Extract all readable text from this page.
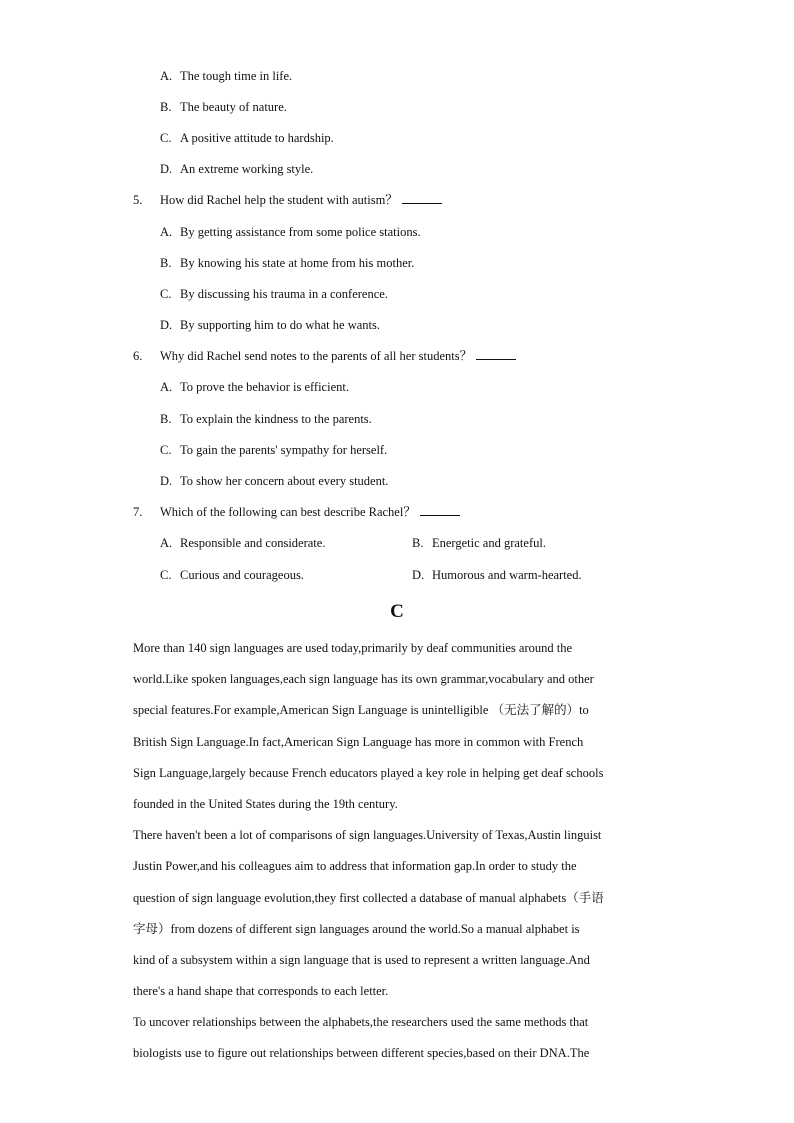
A. The tough time in life.
B. The beauty of nature.
C. A positive attitude to hardship.
D. An extreme working style.
5. How did Rachel help the student with autism？
A. By getting assistance from some police stations.
B. By knowing his state at home from his mother.
C. By discussing his trauma in a conference.
D. By supporting him to do what he wants.
6. Why did Rachel send notes to the parents of all her students？
A. To prove the behavior is efficient.
B. To explain the kindness to the parents.
C. To gain the parents' sympathy for herself.
D. To show her concern about every student.
7. Which of the following can best describe Rachel？
A. Responsible and considerate.	B. Energetic and grateful.
C. Curious and courageous.	D. Humorous and warm-hearted.
C
More than 140 sign languages are used today,primarily by deaf communities around the
world.Like spoken languages,each sign language has its own grammar,vocabulary and other
special features.For example,American Sign Language is unintelligible （无法了解的）to
British Sign Language.In fact,American Sign Language has more in common with French
Sign Language,largely because French educators played a key role in helping get deaf schools
founded in the United States during the 19th century.
There haven't been a lot of comparisons of sign languages.University of Texas,Austin linguist
Justin Power,and his colleagues aim to address that information gap.In order to study the
question of sign language evolution,they first collected a database of manual alphabets（手语
字母）from dozens of different sign languages around the world.So a manual alphabet is
kind of a subsystem within a sign language that is used to represent a written language.And
there's a hand shape that corresponds to each letter.
To uncover relationships between the alphabets,the researchers used the same methods that
biologists use to figure out relationships between different species,based on their DNA.The
